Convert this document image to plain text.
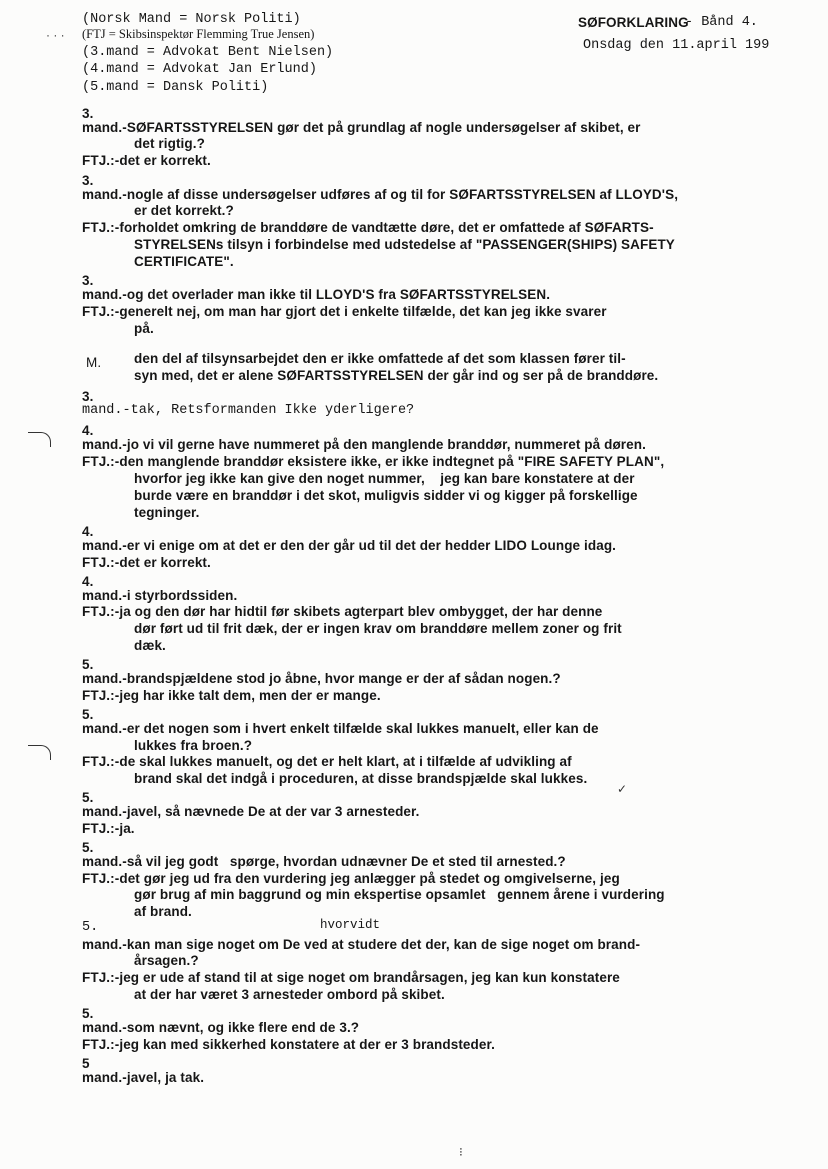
(Norsk Mand = Norsk Politi)
(FTJ = Skibsinspektør Flemming True Jensen)
(3.mand = Advokat Bent Nielsen)
(4.mand = Advokat Jan Erlund)
(5.mand = Dansk Politi)
SØFORKLARING
- Bånd 4.
Onsdag den 11.april 199
3.
mand.-SØFARTSSTYRELSEN gør det på grundlag af nogle undersøgelser af skibet, er
det rigtig.?
FTJ.:-det er korrekt.
3.
mand.-nogle af disse undersøgelser udføres af og til for SØFARTSSTYRELSEN af LLOYD'S,
er det korrekt.?
FTJ.:-forholdet omkring de branddøre de vandtætte døre, det er omfattede af SØFARTS-
STYRELSENs tilsyn i forbindelse med udstedelse af "PASSENGER(SHIPS) SAFETY
CERTIFICATE".
3.
mand.-og det overlader man ikke til LLOYD'S fra SØFARTSSTYRELSEN.
FTJ.:-generelt nej, om man har gjort det i enkelte tilfælde, det kan jeg ikke svarer
på.
M. den del af tilsynsarbejdet den er ikke omfattede af det som klassen fører til-
syn med, det er alene SØFARTSSTYRELSEN der går ind og ser på de branddøre.
3.
mand.-tak, Retsformanden Ikke yderligere?
4.
mand.-jo vi vil gerne have nummeret på den manglende branddør, nummeret på døren.
FTJ.:-den manglende branddør eksistere ikke, er ikke indtegnet på "FIRE SAFETY PLAN",
hvorfor jeg ikke kan give den noget nummer,    jeg kan bare konstatere at der
burde være en branddør i det skot, muligvis sidder vi og kigger på forskellige
tegninger.
4.
mand.-er vi enige om at det er den der går ud til det der hedder LIDO Lounge idag.
FTJ.:-det er korrekt.
4.
mand.-i styrbordssiden.
FTJ.:-ja og den dør har hidtil før skibets agterpart blev ombygget, der har denne
dør ført ud til frit dæk, der er ingen krav om branddøre mellem zoner og frit
dæk.
5.
mand.-brandspjældene stod jo åbne, hvor mange er der af sådan nogen.?
FTJ.:-jeg har ikke talt dem, men der er mange.
5.
mand.-er det nogen som i hvert enkelt tilfælde skal lukkes manuelt, eller kan de
lukkes fra broen.?
FTJ.:-de skal lukkes manuelt, og det er helt klart, at i tilfælde af udvikling af
brand skal det indgå i proceduren, at disse brandspjælde skal lukkes.
5.
mand.-javel, så nævnede De at der var 3 arnesteder.
FTJ.:-ja.
5.
mand.-så vil jeg godt   spørge, hvordan udnævner De et sted til arnested.?
FTJ.:-det gør jeg ud fra den vurdering jeg anlægger på stedet og omgivelserne, jeg
gør brug af min baggrund og min ekspertise opsamlet   gennem årene i vurdering
af brand.
5.	hvorvidt
mand.-kan man sige noget om De ved at studere det der, kan de sige noget om brand-
årsagen.?
FTJ.:-jeg er ude af stand til at sige noget om brandårsagen, jeg kan kun konstatere
at der har været 3 arnesteder ombord på skibet.
5.
mand.-som nævnt, og ikke flere end de 3.?
FTJ.:-jeg kan med sikkerhed konstatere at der er 3 brandsteder.
5
mand.-javel, ja tak.
· · ·
✓
⁝
